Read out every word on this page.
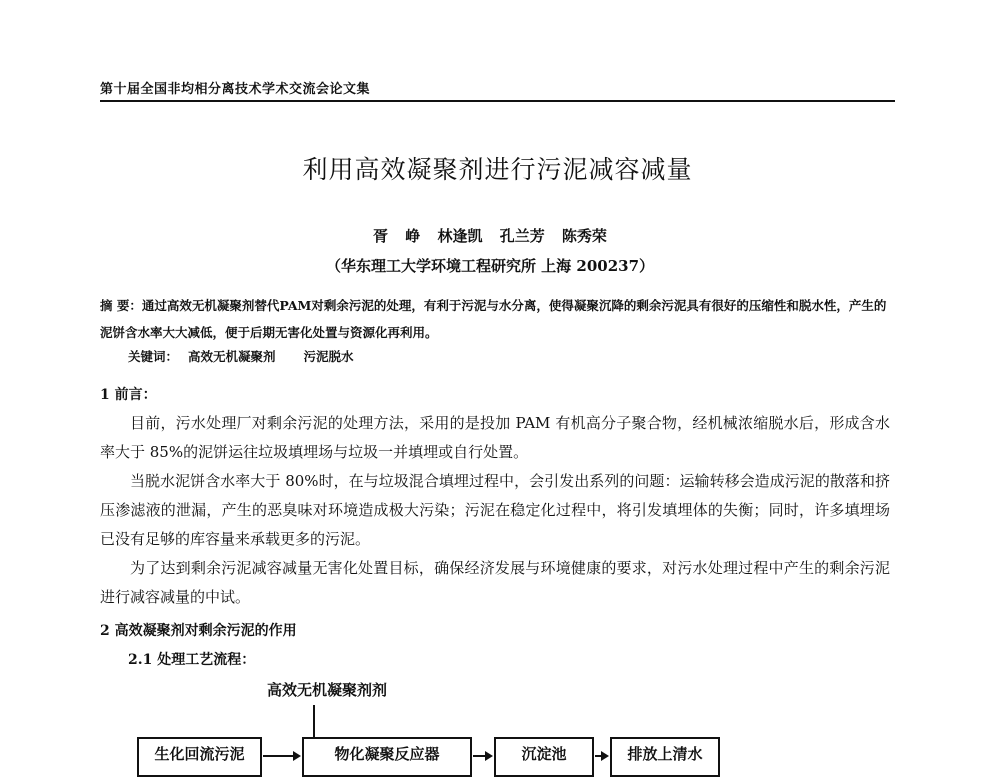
第十届全国非均相分离技术学术交流会论文集
利用高效凝聚剂进行污泥减容减量
胥 峥 林逢凯 孔兰芳 陈秀荣
（华东理工大学环境工程研究所 上海 200237）
摘 要：通过高效无机凝聚剂替代PAM对剩余污泥的处理，有利于污泥与水分离，使得凝聚沉降的剩余污泥具有很好的压缩性和脱水性，产生的泥饼含水率大大减低，便于后期无害化处置与资源化再利用。
关键词： 高效无机凝聚剂 污泥脱水
1 前言：
目前，污水处理厂对剩余污泥的处理方法，采用的是投加 PAM 有机高分子聚合物，经机械浓缩脱水后，形成含水率大于 85%的泥饼运往垃圾填埋场与垃圾一并填埋或自行处置。
当脱水泥饼含水率大于 80%时，在与垃圾混合填埋过程中，会引发出系列的问题：运输转移会造成污泥的散落和挤压渗滤液的泄漏，产生的恶臭味对环境造成极大污染；污泥在稳定化过程中，将引发填埋体的失衡；同时，许多填埋场已没有足够的库容量来承载更多的污泥。
为了达到剩余污泥减容减量无害化处置目标，确保经济发展与环境健康的要求，对污水处理过程中产生的剩余污泥进行减容减量的中试。
2 高效凝聚剂对剩余污泥的作用
2.1 处理工艺流程：
高效无机凝聚剂剂
生化回流污泥	物化凝聚反应器	沉淀池	排放上清水
